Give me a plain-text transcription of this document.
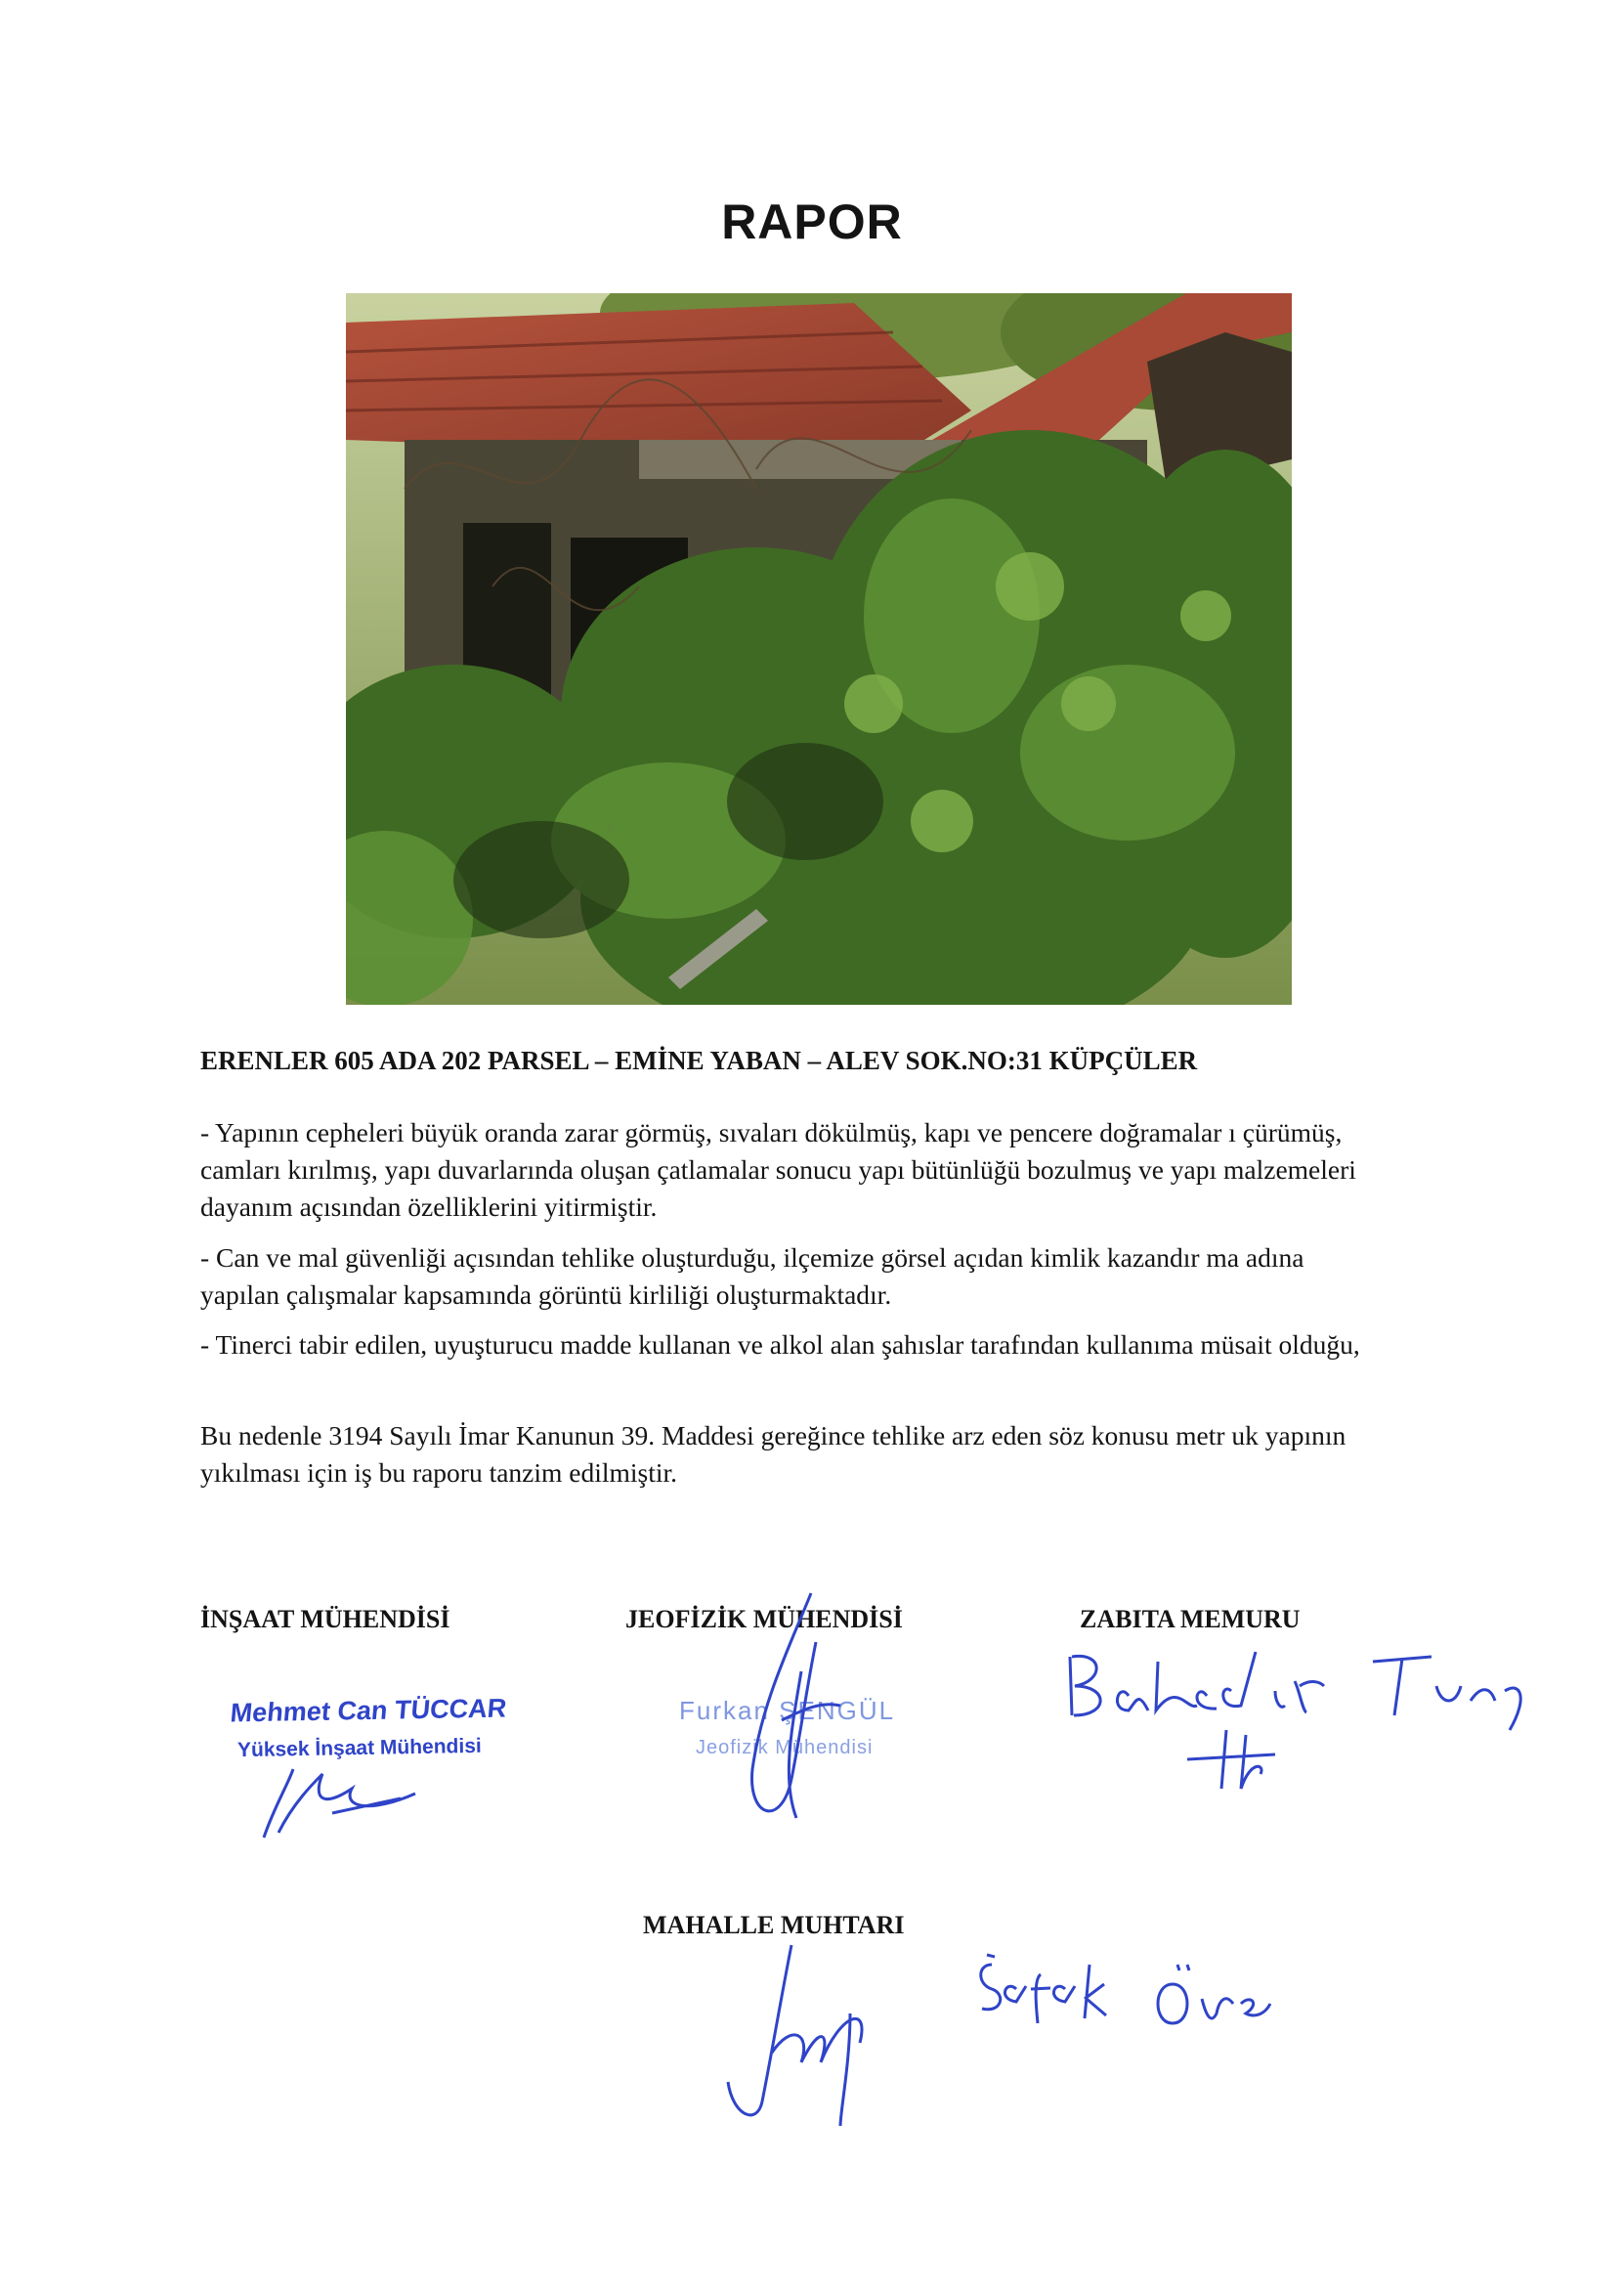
RAPOR
ERENLER 605 ADA 202 PARSEL – EMİNE YABAN – ALEV SOK.NO:31 KÜPÇÜLER

- Yapının cepheleri büyük oranda zarar görmüş, sıvaları dökülmüş, kapı ve pencere doğramalar ı çürümüş, camları kırılmış, yapı duvarlarında oluşan çatlamalar sonucu yapı bütünlüğü bozulmuş ve yapı malzemeleri dayanım açısından özelliklerini yitirmiştir.

- Can ve mal güvenliği açısından tehlike oluşturduğu, ilçemize görsel açıdan kimlik kazandır ma adına yapılan çalışmalar kapsamında görüntü kirliliği oluşturmaktadır.

- Tinerci tabir edilen, uyuşturucu madde kullanan ve alkol alan şahıslar tarafından kullanıma müsait olduğu,

Bu nedenle 3194 Sayılı İmar Kanunun 39. Maddesi gereğince tehlike arz eden söz konusu metr uk yapının yıkılması için iş bu raporu tanzim edilmiştir.

İNŞAAT MÜHENDİSİ	JEOFİZİK MÜHENDİSİ	ZABITA MEMURU
MAHALLE MUHTARI
Mehmet Can TÜCCAR
Yüksek İnşaat Mühendisi
Furkan ŞENGÜL
Jeofizik Mühendisi
